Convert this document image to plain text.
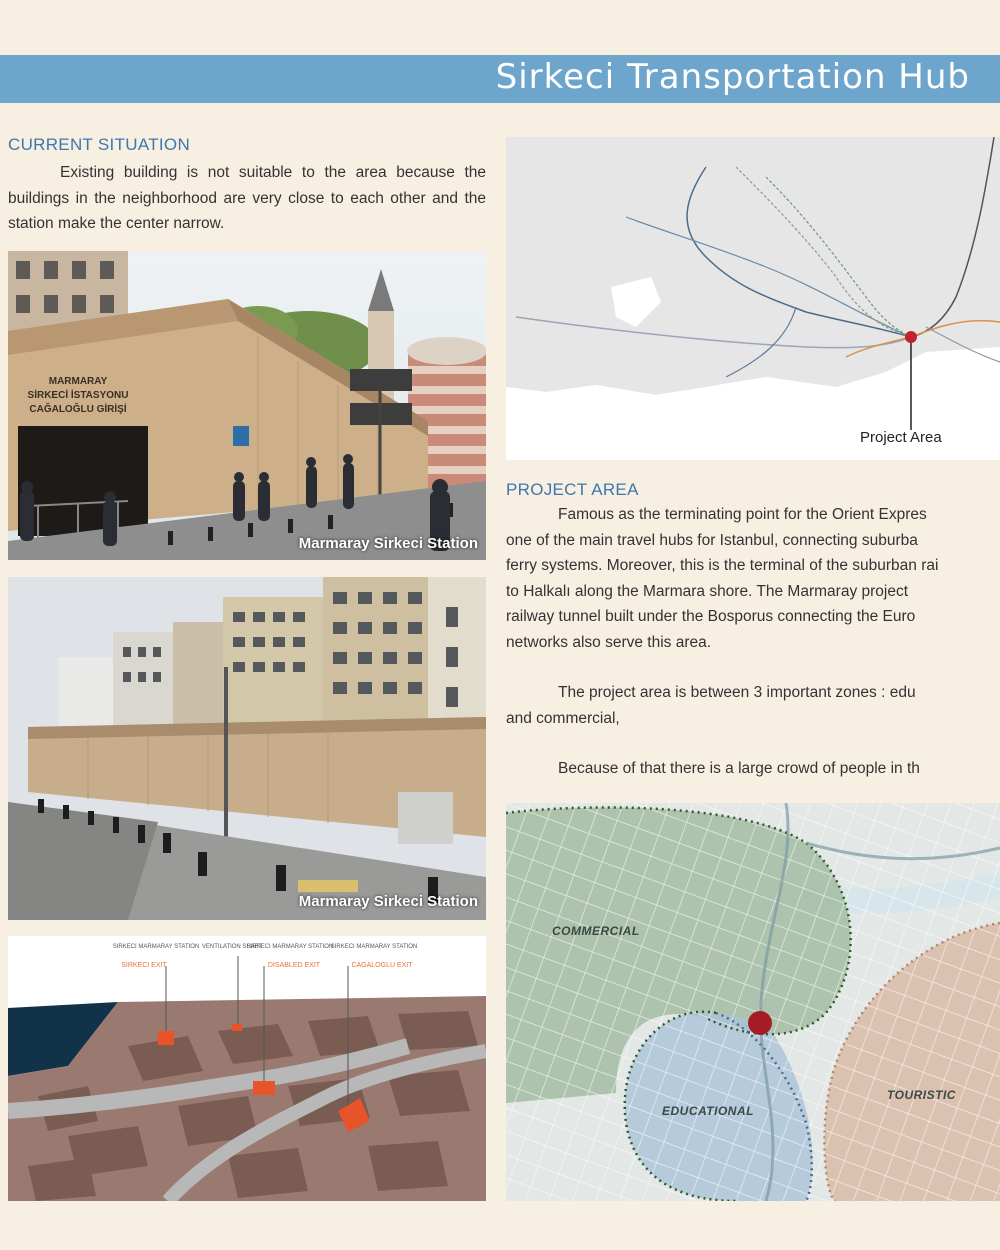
Sirkeci Transportation Hub
CURRENT SITUATION

Existing building is not suitable to the area because the buildings in the neighborhood are very close to each other and the station make the center narrow.

MARMARAY
SİRKECİ İSTASYONU
CAĞALOĞLU GİRİŞİ
Marmaray Sirkeci Station
Marmaray Sirkeci Station
SIRKECI MARMARAY STATION VENTILATION SHAFT
SIRKECI MARMARAY STATION
SIRKECI MARMARAY STATION
SIRKECI EXIT	DISABLED EXIT	CAGALOGLU EXIT
Project Area
PROJECT AREA
Famous as the terminating point for the Orient Expres
one of the main travel hubs for Istanbul, connecting suburba
ferry systems. Moreover, this is the terminal of the suburban rai
to Halkalı along the Marmara shore. The Marmaray project
railway tunnel built under the Bosporus connecting the Euro
networks also serve this area.
The project area is between 3 important zones : edu
and commercial,
Because of that there is a large crowd of people in th
COMMERCIAL
EDUCATIONAL
TOURISTIC
